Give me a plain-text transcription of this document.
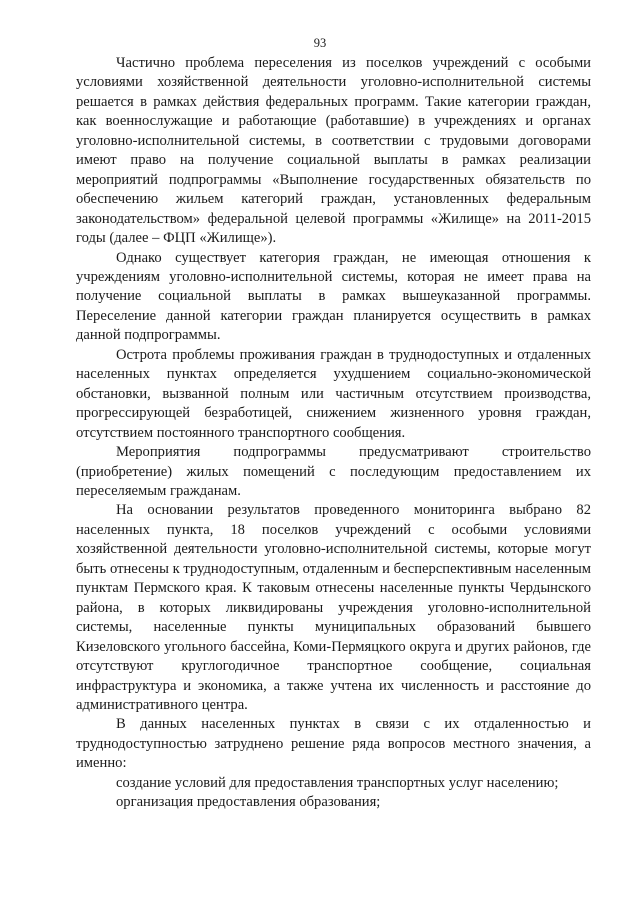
93

Частично проблема переселения из поселков учреждений с особыми условиями хозяйственной деятельности уголовно-исполнительной системы решается в рамках действия федеральных программ. Такие категории граждан, как военнослужащие и работающие (работавшие) в учреждениях и органах уголовно-исполнительной системы, в соответствии с трудовыми договорами имеют право на получение социальной выплаты в рамках реализации мероприятий подпрограммы «Выполнение государственных обязательств по обеспечению жильем категорий граждан, установленных федеральным законодательством» федеральной целевой программы «Жилище» на 2011-2015 годы (далее – ФЦП «Жилище»).

Однако существует категория граждан, не имеющая отношения к учреждениям уголовно-исполнительной системы, которая не имеет права на получение социальной выплаты в рамках вышеуказанной программы. Переселение данной категории граждан планируется осуществить в рамках данной подпрограммы.

Острота проблемы проживания граждан в труднодоступных и отдаленных населенных пунктах определяется ухудшением социально-экономической обстановки, вызванной полным или частичным отсутствием производства, прогрессирующей безработицей, снижением жизненного уровня граждан, отсутствием постоянного транспортного сообщения.

Мероприятия подпрограммы предусматривают строительство (приобретение) жилых помещений с последующим предоставлением их переселяемым гражданам.

На основании результатов проведенного мониторинга выбрано 82 населенных пункта, 18 поселков учреждений с особыми условиями хозяйственной деятельности уголовно-исполнительной системы, которые могут быть отнесены к труднодоступным, отдаленным и бесперспективным населенным пунктам Пермского края. К таковым отнесены населенные пункты Чердынского района, в которых ликвидированы учреждения уголовно-исполнительной системы, населенные пункты муниципальных образований бывшего Кизеловского угольного бассейна, Коми-Пермяцкого округа и других районов, где отсутствуют круглогодичное транспортное сообщение, социальная инфраструктура и экономика, а также учтена их численность и расстояние до административного центра.

В данных населенных пунктах в связи с их отдаленностью и труднодоступностью затруднено решение ряда вопросов местного значения, а именно:

создание условий для предоставления транспортных услуг населению;

организация предоставления образования;
